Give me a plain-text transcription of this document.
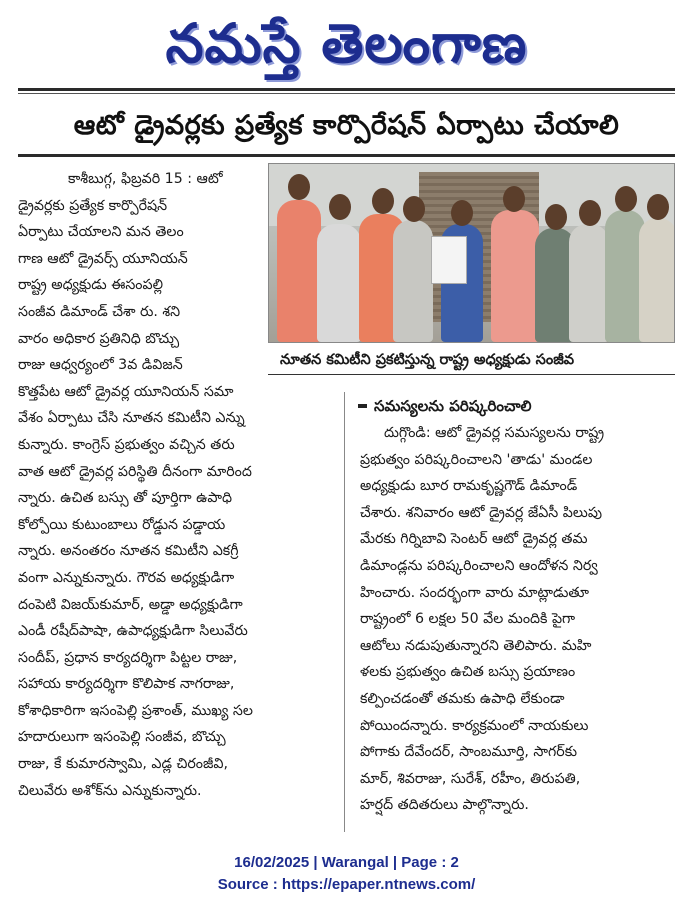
నమస్తే తెలంగాణ
ఆటో డ్రైవర్లకు ప్రత్యేక కార్పొరేషన్ ఏర్పాటు చేయాలి
కాశీబుగ్గ, ఫిబ్రవరి 15 : ఆటో
డ్రైవర్లకు ప్రత్యేక కార్పొరేషన్
ఏర్పాటు చేయాలని మన తెలం
గాణ ఆటో డ్రైవర్స్ యూనియన్
రాష్ట్ర అధ్యక్షుడు ఈసంపల్లి
సంజీవ డిమాండ్ చేశా రు. శని
వారం అధికార ప్రతినిధి బొచ్చు
రాజు ఆధ్వర్యంలో 3వ డివిజన్
కొత్తపేట ఆటో డ్రైవర్ల యూనియన్ సమా
వేశం ఏర్పాటు చేసి నూతన కమిటీని ఎన్ను
కున్నారు. కాంగ్రెస్ ప్రభుత్వం వచ్చిన తరు
వాత ఆటో డ్రైవర్ల పరిస్థితి దీనంగా మారింద
న్నారు. ఉచిత బస్సు తో పూర్తిగా ఉపాధి
కోల్పోయి కుటుంబాలు రోడ్డున పడ్డాయ
న్నారు. అనంతరం నూతన కమిటీని ఎకగ్రీ
వంగా ఎన్నుకున్నారు. గౌరవ అధ్యక్షుడిగా
దంపెటి విజయ్‌కుమార్, అడ్డా అధ్యక్షుడిగా
ఎండీ రషీద్‌పాషా, ఉపాధ్యక్షుడిగా సిలువేరు
సందీప్, ప్రధాన కార్యదర్శిగా పిట్టల రాజు,
సహాయ కార్యదర్శిగా కొలిపాక నాగరాజు,
కోశాధికారిగా ఇసంపెల్లి ప్రశాంత్, ముఖ్య సల
హదారులుగా ఇసంపెల్లి సంజీవ, బొచ్చు
రాజు, కే కుమారస్వామి, ఎడ్ల చిరంజీవి,
చిలువేరు అశోక్‌ను ఎన్నుకున్నారు.
నూతన కమిటీని ప్రకటిస్తున్న రాష్ట్ర అధ్యక్షుడు సంజీవ
సమస్యలను పరిష్కరించాలి
దుగ్గొండి: ఆటో డ్రైవర్ల సమస్యలను రాష్ట్ర
ప్రభుత్వం పరిష్కరించాలని 'తాడు' మండల
అధ్యక్షుడు బూర రామకృష్ణగౌడ్ డిమాండ్
చేశారు. శనివారం ఆటో డ్రైవర్ల జేఏసీ పిలుపు
మేరకు గిర్నిబావి సెంటర్ ఆటో డ్రైవర్ల తమ
డిమాండ్లను పరిష్కరించాలని ఆందోళన నిర్వ
హించారు. సందర్భంగా వారు మాట్లాడుతూ
రాష్ట్రంలో 6 లక్షల 50 వేల మందికి పైగా
ఆటోలు నడుపుతున్నారని తెలిపారు. మహి
ళలకు ప్రభుత్వం ఉచిత బస్సు ప్రయాణం
కల్పించడంతో తమకు ఉపాధి లేకుండా
పోయిందన్నారు. కార్యక్రమంలో నాయకులు
పోగాకు దేవేందర్, సాంబమూర్తి, సాగర్‌కు
మార్, శివరాజు, సురేశ్, రహీం, తిరుపతి,
హర్షద్ తదితరులు పాల్గొన్నారు.
16/02/2025 | Warangal | Page : 2
Source : https://epaper.ntnews.com/
